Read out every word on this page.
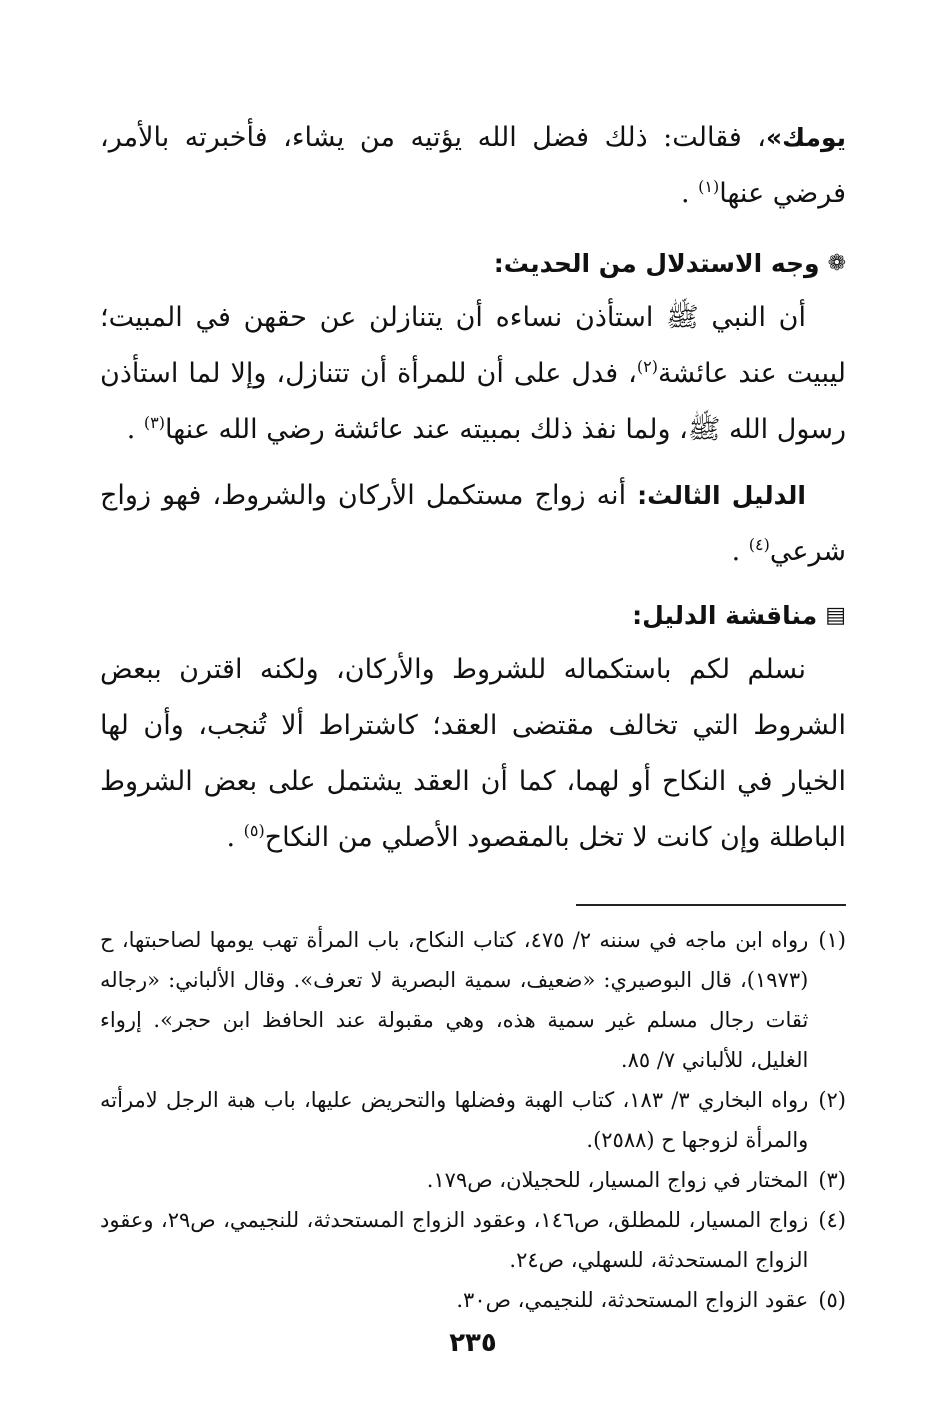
يومك»، فقالت: ذلك فضل الله يؤتيه من يشاء، فأخبرته بالأمر، فرضي عنها$^{(١)}$ .

❁
وجه الاستدلال من الحديث:

أن النبي ﷺ استأذن نساءه أن يتنازلن عن حقهن في المبيت؛ ليبيت عند عائشة$^{(٢)}$، فدل على أن للمرأة أن تتنازل، وإلا لما استأذن رسول الله ﷺ، ولما نفذ ذلك بمبيته عند عائشة رضي الله عنها$^{(٣)}$ .

الدليل الثالث: أنه زواج مستكمل الأركان والشروط، فهو زواج شرعي$^{(٤)}$ .

▤
مناقشة الدليل:

نسلم لكم باستكماله للشروط والأركان، ولكنه اقترن ببعض الشروط التي تخالف مقتضى العقد؛ كاشتراط ألا تُنجب، وأن لها الخيار في النكاح أو لهما، كما أن العقد يشتمل على بعض الشروط الباطلة وإن كانت لا تخل بالمقصود الأصلي من النكاح$^{(٥)}$ .

(١)
رواه ابن ماجه في سننه ٢/ ٤٧٥، كتاب النكاح، باب المرأة تهب يومها لصاحبتها، ح (١٩٧٣)، قال البوصيري: «ضعيف، سمية البصرية لا تعرف». وقال الألباني: «رجاله ثقات رجال مسلم غير سمية هذه، وهي مقبولة عند الحافظ ابن حجر». إرواء الغليل، للألباني ٧/ ٨٥.
(٢)
رواه البخاري ٣/ ١٨٣، كتاب الهبة وفضلها والتحريض عليها، باب هبة الرجل لامرأته والمرأة لزوجها ح (٢٥٨٨).
(٣)
المختار في زواج المسيار، للحجيلان، ص١٧٩.
(٤)
زواج المسيار، للمطلق، ص١٤٦، وعقود الزواج المستحدثة، للنجيمي، ص٢٩، وعقود الزواج المستحدثة، للسهلي، ص٢٤.
(٥)
عقود الزواج المستحدثة، للنجيمي، ص٣٠.
٢٣٥
